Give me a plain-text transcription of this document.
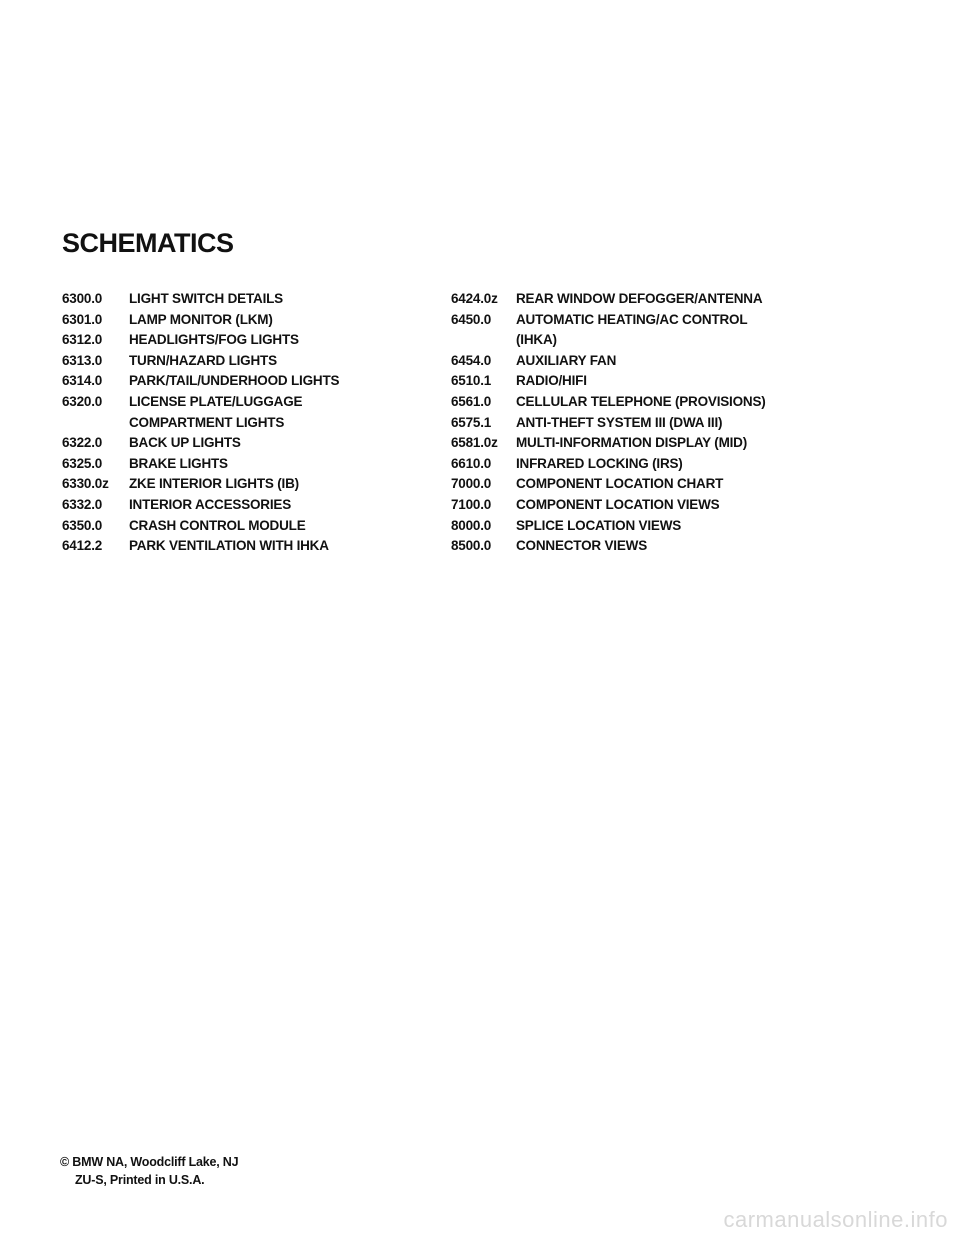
SCHEMATICS
6300.0	LIGHT SWITCH DETAILS
6301.0	LAMP MONITOR (LKM)
6312.0	HEADLIGHTS/FOG LIGHTS
6313.0	TURN/HAZARD LIGHTS
6314.0	PARK/TAIL/UNDERHOOD LIGHTS
6320.0	LICENSE PLATE/LUGGAGE
COMPARTMENT LIGHTS
6322.0	BACK UP LIGHTS
6325.0	BRAKE LIGHTS
6330.0z	ZKE INTERIOR LIGHTS (IB)
6332.0	INTERIOR ACCESSORIES
6350.0	CRASH CONTROL MODULE
6412.2	PARK VENTILATION WITH IHKA
6424.0z	REAR WINDOW DEFOGGER/ANTENNA
6450.0	AUTOMATIC HEATING/AC CONTROL
(IHKA)
6454.0	AUXILIARY FAN
6510.1	RADIO/HIFI
6561.0	CELLULAR TELEPHONE (PROVISIONS)
6575.1	ANTI-THEFT SYSTEM III (DWA III)
6581.0z	MULTI-INFORMATION DISPLAY (MID)
6610.0	INFRARED LOCKING (IRS)
7000.0	COMPONENT LOCATION CHART
7100.0	COMPONENT LOCATION VIEWS
8000.0	SPLICE LOCATION VIEWS
8500.0	CONNECTOR VIEWS
© BMW NA, Woodcliff Lake, NJ
ZU-S, Printed in U.S.A.
carmanualsonline.info
